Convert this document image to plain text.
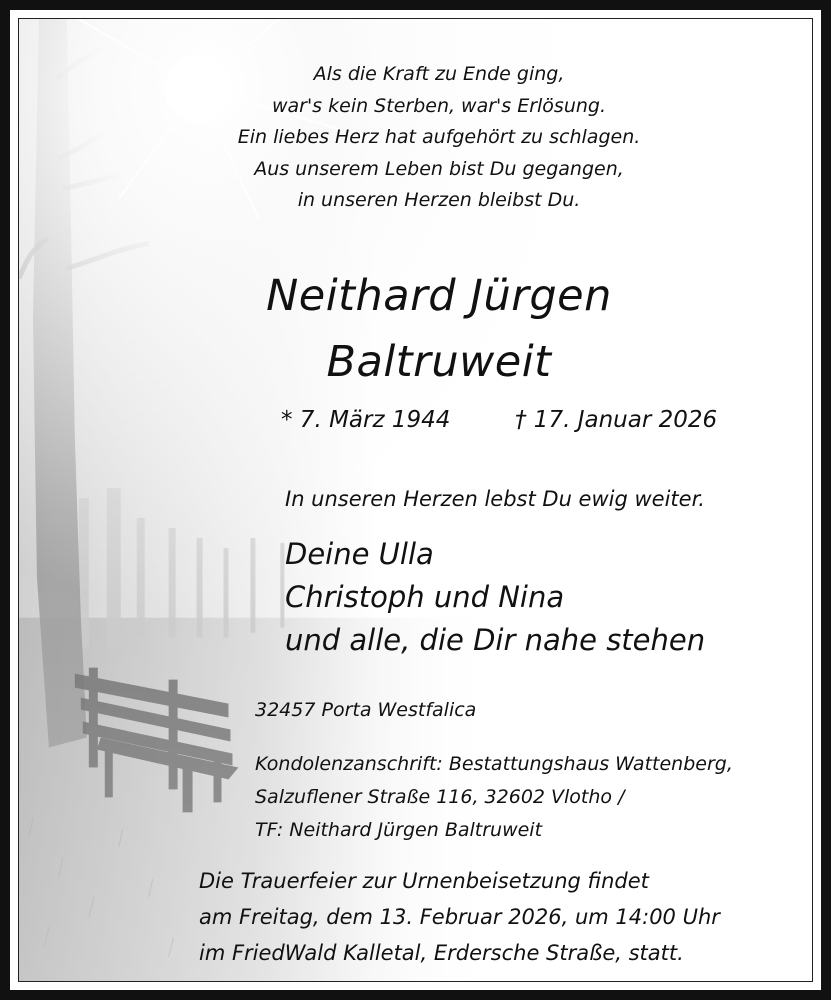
Als die Kraft zu Ende ging,
war's kein Sterben, war's Erlösung.
Ein liebes Herz hat aufgehört zu schlagen.
Aus unserem Leben bist Du gegangen,
in unseren Herzen bleibst Du.
Neithard Jürgen
Baltruweit
* 7. März 1944	† 17. Januar 2026
In unseren Herzen lebst Du ewig weiter.
Deine Ulla
Christoph und Nina
und alle, die Dir nahe stehen
32457 Porta Westfalica
Kondolenzanschrift: Bestattungshaus Wattenberg,
Salzuflener Straße 116, 32602 Vlotho /
TF: Neithard Jürgen Baltruweit
Die Trauerfeier zur Urnenbeisetzung findet
am Freitag, dem 13. Februar 2026, um 14:00 Uhr
im FriedWald Kalletal, Erdersche Straße, statt.
